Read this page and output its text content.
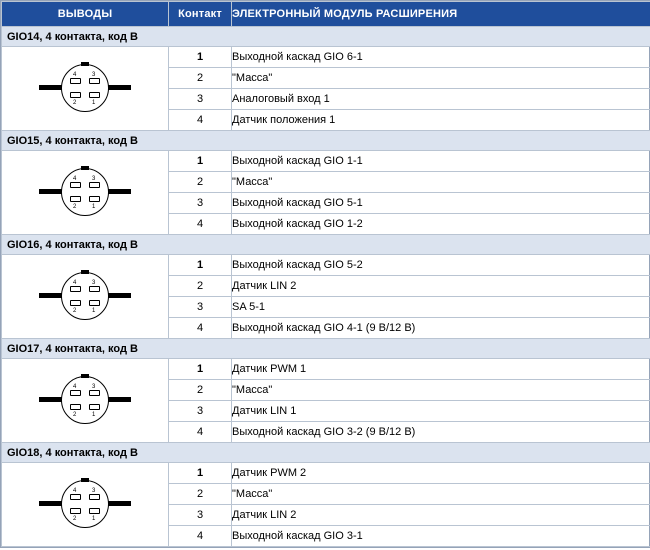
ВЫВОДЫ	Контакт	ЭЛЕКТРОННЫЙ МОДУЛЬ РАСШИРЕНИЯ
GIO14, 4 контакта, код B		

4 3
2 1	1	Выходной каскад GIO 6-1
	2	"Масса"
	3	Аналоговый вход 1
	4	Датчик положения 1
GIO15, 4 контакта, код B		

4 3
2 1	1	Выходной каскад GIO 1-1
	2	"Масса"
	3	Выходной каскад GIO 5-1
	4	Выходной каскад GIO 1-2
GIO16, 4 контакта, код B		

4 3
2 1	1	Выходной каскад GIO 5-2
	2	Датчик LIN 2
	3	SA 5-1
	4	Выходной каскад GIO 4-1 (9 В/12 В)
GIO17, 4 контакта, код B		

4 3
2 1	1	Датчик PWM 1
	2	"Масса"
	3	Датчик LIN 1
	4	Выходной каскад GIO 3-2 (9 В/12 В)
GIO18, 4 контакта, код B		

4 3
2 1	1	Датчик PWM 2
	2	"Масса"
	3	Датчик LIN 2
	4	Выходной каскад GIO 3-1
